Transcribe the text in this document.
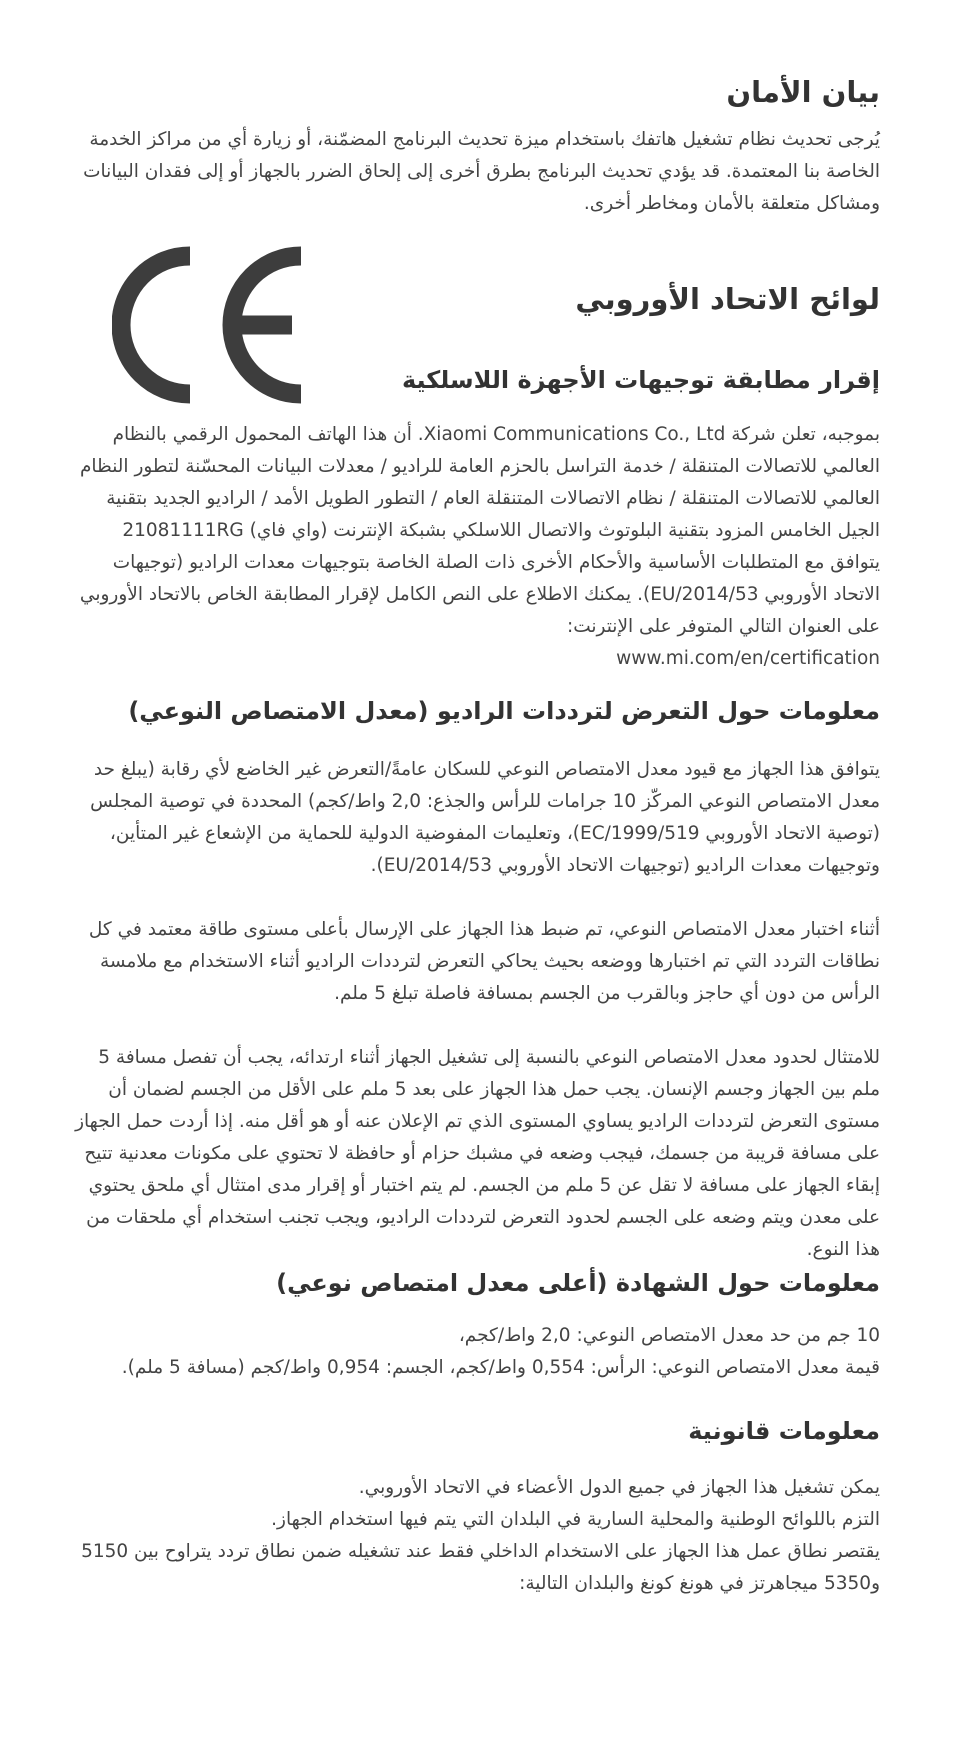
بيان الأمان

يُرجى تحديث نظام تشغيل هاتفك باستخدام ميزة تحديث البرنامج المضمّنة، أو زيارة أي من مراكز الخدمة الخاصة بنا المعتمدة. قد يؤدي تحديث البرنامج بطرق أخرى إلى إلحاق الضرر بالجهاز أو إلى فقدان البيانات ومشاكل متعلقة بالأمان ومخاطر أخرى.

لوائح الاتحاد الأوروبي
إقرار مطابقة توجيهات الأجهزة اللاسلكية

بموجبه، تعلن شركة Xiaomi Communications Co., Ltd. أن هذا الهاتف المحمول الرقمي بالنظام العالمي للاتصالات المتنقلة / خدمة التراسل بالحزم العامة للراديو / معدلات البيانات المحسّنة لتطور النظام العالمي للاتصالات المتنقلة / نظام الاتصالات المتنقلة العام / التطور الطويل الأمد / الراديو الجديد بتقنية الجيل الخامس المزود بتقنية البلوتوث والاتصال اللاسلكي بشبكة الإنترنت (واي فاي) 21081111RG يتوافق مع المتطلبات الأساسية والأحكام الأخرى ذات الصلة الخاصة بتوجيهات معدات الراديو (توجيهات الاتحاد الأوروبي 2014/53/EU). يمكنك الاطلاع على النص الكامل لإقرار المطابقة الخاص بالاتحاد الأوروبي على العنوان التالي المتوفر على الإنترنت:

www.mi.com/en/certification

معلومات حول التعرض لترددات الراديو (معدل الامتصاص النوعي)

يتوافق هذا الجهاز مع قيود معدل الامتصاص النوعي للسكان عامةً/التعرض غير الخاضع لأي رقابة (يبلغ حد معدل الامتصاص النوعي المركّز 10 جرامات للرأس والجذع: 2,0 واط/كجم) المحددة في توصية المجلس (توصية الاتحاد الأوروبي 1999/519/EC)، وتعليمات المفوضية الدولية للحماية من الإشعاع غير المتأين، وتوجيهات معدات الراديو (توجيهات الاتحاد الأوروبي 2014/53/EU).

أثناء اختبار معدل الامتصاص النوعي، تم ضبط هذا الجهاز على الإرسال بأعلى مستوى طاقة معتمد في كل نطاقات التردد التي تم اختبارها ووضعه بحيث يحاكي التعرض لترددات الراديو أثناء الاستخدام مع ملامسة الرأس من دون أي حاجز وبالقرب من الجسم بمسافة فاصلة تبلغ 5 ملم.

للامتثال لحدود معدل الامتصاص النوعي بالنسبة إلى تشغيل الجهاز أثناء ارتدائه، يجب أن تفصل مسافة 5 ملم بين الجهاز وجسم الإنسان. يجب حمل هذا الجهاز على بعد 5 ملم على الأقل من الجسم لضمان أن مستوى التعرض لترددات الراديو يساوي المستوى الذي تم الإعلان عنه أو هو أقل منه. إذا أردت حمل الجهاز على مسافة قريبة من جسمك، فيجب وضعه في مشبك حزام أو حافظة لا تحتوي على مكونات معدنية تتيح إبقاء الجهاز على مسافة لا تقل عن 5 ملم من الجسم. لم يتم اختبار أو إقرار مدى امتثال أي ملحق يحتوي على معدن ويتم وضعه على الجسم لحدود التعرض لترددات الراديو، ويجب تجنب استخدام أي ملحقات من هذا النوع.

معلومات حول الشهادة (أعلى معدل امتصاص نوعي)

10 جم من حد معدل الامتصاص النوعي: 2,0 واط/كجم،

قيمة معدل الامتصاص النوعي: الرأس: 0,554 واط/كجم، الجسم: 0,954 واط/كجم (مسافة 5 ملم).

معلومات قانونية

يمكن تشغيل هذا الجهاز في جميع الدول الأعضاء في الاتحاد الأوروبي.

التزم باللوائح الوطنية والمحلية السارية في البلدان التي يتم فيها استخدام الجهاز.

يقتصر نطاق عمل هذا الجهاز على الاستخدام الداخلي فقط عند تشغيله ضمن نطاق تردد يتراوح بين 5150 و5350 ميجاهرتز في هونغ كونغ والبلدان التالية:
